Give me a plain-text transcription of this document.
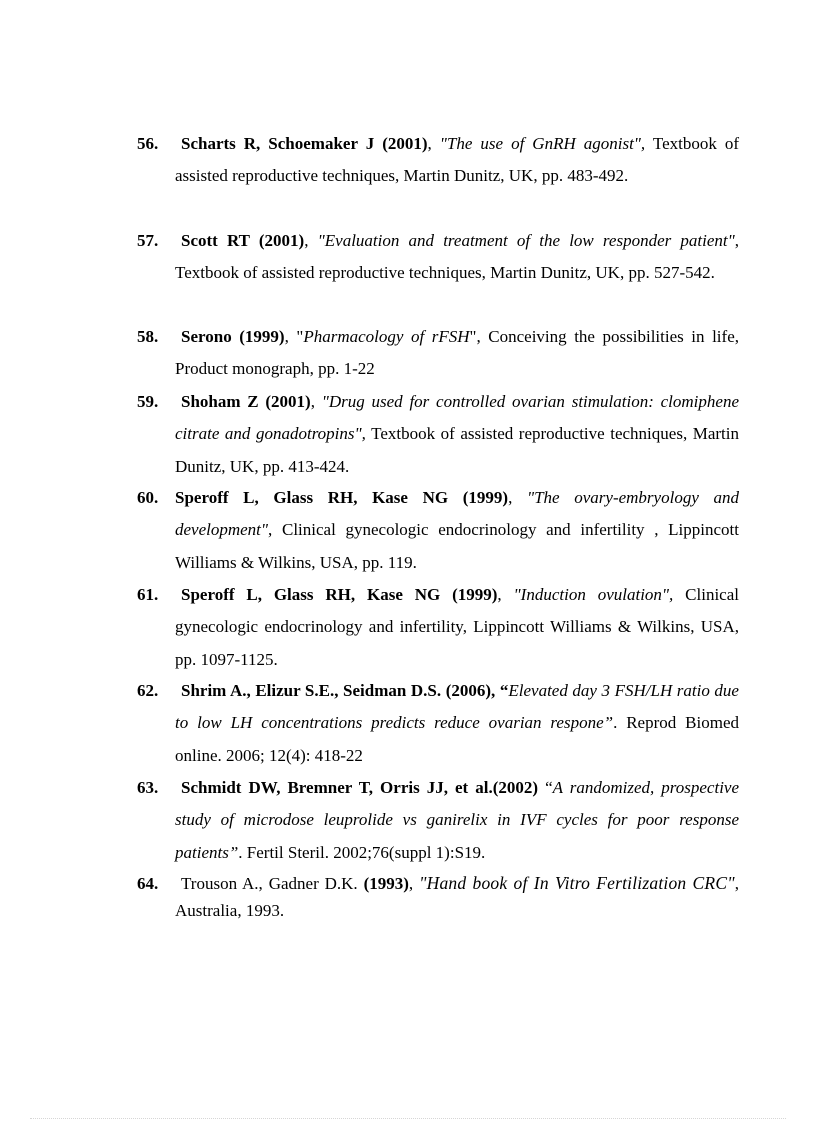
56.	Scharts R, Schoemaker J (2001), "The use of GnRH agonist", Textbook of assisted reproductive techniques, Martin Dunitz, UK, pp. 483-492.
57.	Scott RT (2001), "Evaluation and treatment of the low responder patient", Textbook of assisted reproductive techniques, Martin Dunitz, UK, pp. 527-542.
58.	Serono (1999), "Pharmacology of rFSH", Conceiving the possibilities in life, Product monograph, pp. 1-22
59.	Shoham Z (2001), "Drug used for controlled ovarian stimulation: clomiphene citrate and gonadotropins", Textbook of assisted reproductive techniques, Martin Dunitz, UK, pp. 413-424.
60. Speroff L, Glass RH, Kase NG (1999), "The ovary-embryology and development", Clinical gynecologic endocrinology and infertility , Lippincott Williams & Wilkins, USA, pp. 119.
61.	Speroff L, Glass RH, Kase NG (1999), "Induction ovulation", Clinical gynecologic endocrinology and infertility, Lippincott Williams & Wilkins, USA, pp. 1097-1125.
62.	Shrim A., Elizur S.E., Seidman D.S. (2006), “Elevated day 3 FSH/LH ratio due to low LH concentrations predicts reduce ovarian respone”. Reprod Biomed online. 2006; 12(4): 418-22
63.	Schmidt DW, Bremner T, Orris JJ, et al.(2002) “A randomized, prospective study of microdose leuprolide vs ganirelix in IVF cycles for poor response patients”. Fertil Steril. 2002;76(suppl 1):S19.
64.	Trouson A., Gadner D.K. (1993), "Hand book of In Vitro Fertilization CRC", Australia, 1993.
